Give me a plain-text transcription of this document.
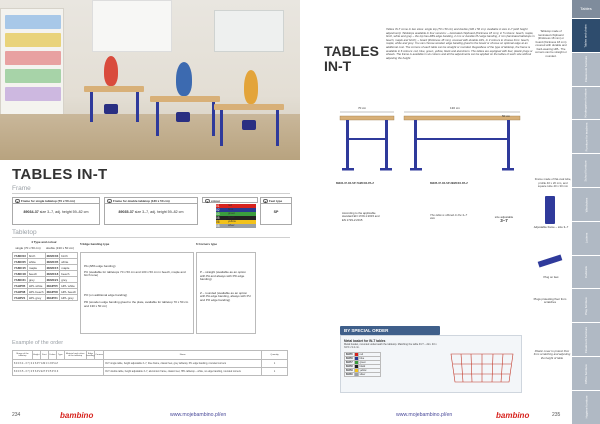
TABLES IN-T
Frame
1 Frame for single tabletop (70 x 50 cm)
89034-37 size 3–7, adj. height 59–82 cm
1 Frame for double tabletop (130 x 50 cm)
89035-37 size 3–7, adj. height 59–82 cm
2 colour
01	red
02	blue
03	green
05	black
06	yellow
08	silver
3 Feet type
SP
Tabletop
4 Type and colour
single (70 x 50 cm)	double (130 x 50 cm)
5 Edge banding type	6 Corners type
7AMC03	birch	2EMC03	birch
7AMC05	white	2EMC05	white
7AMC15	maple	2EMC15	maple
7AMC18	beech	2EMC18	beech
7AMC21	grey	2EMC21	grey
7AHP05	HPL white	2EHP05	HPL white
7AHP08	HPL beech	2EHP08	HPL beech
7AHP21	HPL grey	2EHP21	HPL grey
PA (ABS edge banding)
PU (available for tabletops 70 x 50 cm and 130 x 50 cm in beech, maple and birch tone)
PO (on additional edge banding)
PD (wooden edge banding glued to the plate, available for tabletop 70 x 50 cm and 130 x 50 cm)
P – straight (available as an option with PA and always with PD edge banding)
Z – rounded (available as an option with PA edge banding, always with PU and PO edge banding)
Example of the order
Shape of the tabletop	Height	Feet	Colour	Type	Material and colour of the tabletop	Edge banding	Corners	Name	Quantity
8 9 0 3 4 - 3 7 | 0 2 S P 7 A M C 1 8 P A Z								IN-T single table, height adjustable 3–7, blue frame, classic feet, grey tabletop, PU edge banding, rounded corners	1
8 9 0 3 5 - 3 7 | 0 5 S P 2 E H P 0 5 P O Z								IN-T double table, height adjustable 3–7, aluminium frame, classic feet, HPL tabletop – white, no edge banding, rounded corners	1
234	bambino	www.mojebambino.pl/en
Tables
Tables and chairs
Classroom furniture
Kindergarten furniture
Furniture for teachers
School furniture
Wardrobes
Lockers
Cabinets
Play furniture
Cloakroom furniture
Office furniture
Hygiene furniture
TABLES IN-T
Tables IN-T come in two sizes: single top (70 x 50 cm) and double (130 x 50 cm). Available in size 3–7 (with height adjustment). Tabletops available in four versions: – laminated chipboard (thickness 18 mm), in 5 colours: beech, maple, birch, white and grey – the top has ABS edge banding, 2 mm or durable PU edge banding, 2 mm (laminated tabletops in beech, maple and birch); – board (thickness 18 mm), covered with durable HPL, in 3 colours to choose from: beech, maple, white and grey. You can choose wooden edge banding glued to the board or choose on optional edge at an additional cost. The corners of each table can be straight or rounded. Regardless of the type of tabletop, the frame is available in 6 colours: red, blue, green, yellow, black and aluminium. The tables are equipped with feet, plastic plugs or wheels. The frame is available in six colours and all the adjustments can be applied on the tables of each size without adjusting the height.
Tabletop made of laminated chipboard (thickness 18 mm) or board (thickness 18 mm) covered with durable and hard-wearing HPL. The corners can be straight or rounded.
70 cm	130 cm
50 cm
89034-37-XX-SP-7AMCXX-PA-Z	89035-37-XX-SP-2EMCXX-PA-Z
Frame made of flat-oval tube, profile 40 x 20 mm, and square tube 40 x 30 mm
According to the applicable standard EN 1729-1:2015 and EN 1729-2:2015
The table is offered in the 3–7 size	size adjustable
3–7
Adjustable frame – size 3–7
Plug on feet
Plugs protecting floor from scratches
BY SPECIAL ORDER
Metal basket for IN-T tables
Metal basket, mounted underneath the tabletop. Matching the table IN-T – dim. 40 x 34.5 x 9.2 cm.
89455		red
89456		blue
89457		green
89458		black
89459		yellow
89460		silver
Plastic cover to protect floor from scratching and adjusting the height of table
www.mojebambino.pl/en	bambino	235
